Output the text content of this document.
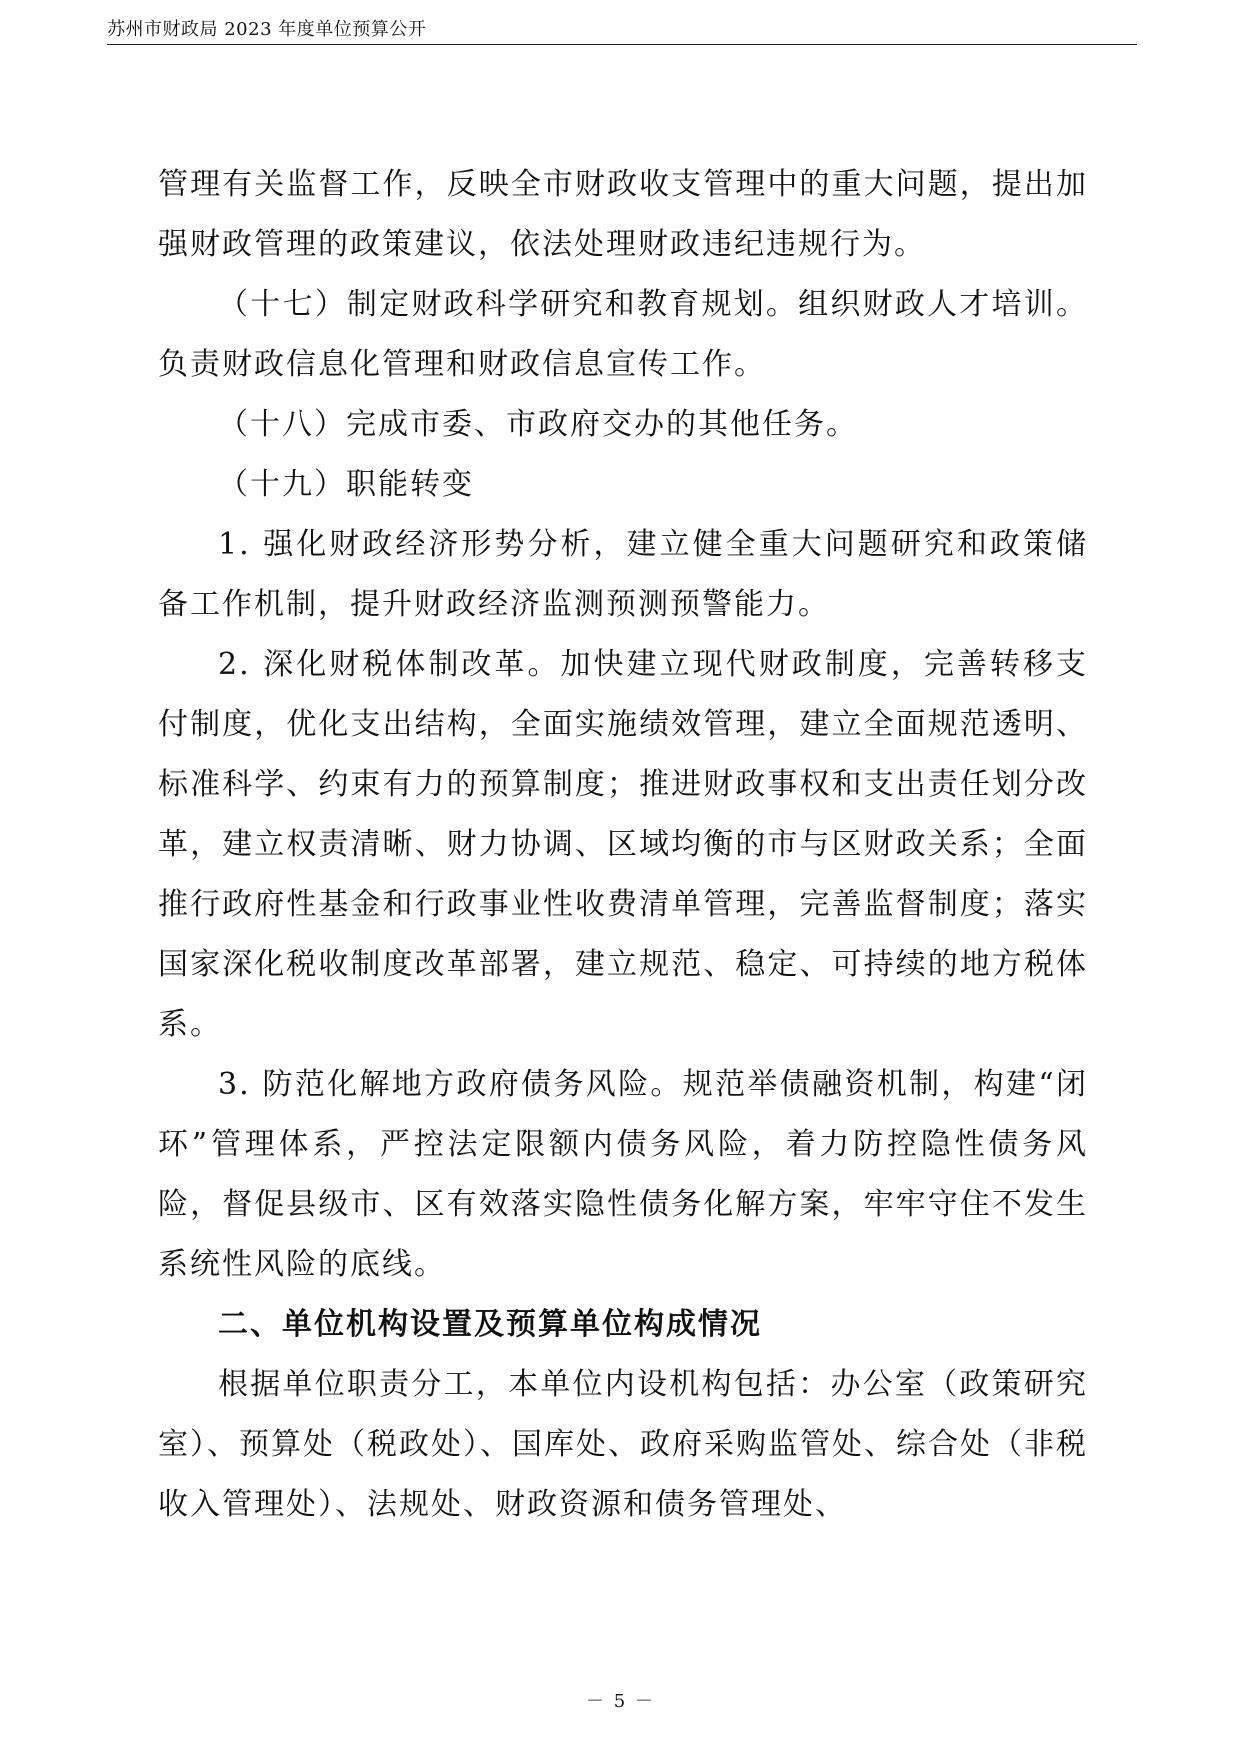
苏州市财政局 2023 年度单位预算公开

管理有关监督工作，反映全市财政收支管理中的重大问题，提出加强财政管理的政策建议，依法处理财政违纪违规行为。

（十七）制定财政科学研究和教育规划。组织财政人才培训。负责财政信息化管理和财政信息宣传工作。

（十八）完成市委、市政府交办的其他任务。

（十九）职能转变

1. 强化财政经济形势分析，建立健全重大问题研究和政策储备工作机制，提升财政经济监测预测预警能力。

2. 深化财税体制改革。加快建立现代财政制度，完善转移支付制度，优化支出结构，全面实施绩效管理，建立全面规范透明、标准科学、约束有力的预算制度；推进财政事权和支出责任划分改革，建立权责清晰、财力协调、区域均衡的市与区财政关系；全面推行政府性基金和行政事业性收费清单管理，完善监督制度；落实国家深化税收制度改革部署，建立规范、稳定、可持续的地方税体系。

3. 防范化解地方政府债务风险。规范举债融资机制，构建“闭环”管理体系，严控法定限额内债务风险，着力防控隐性债务风险，督促县级市、区有效落实隐性债务化解方案，牢牢守住不发生系统性风险的底线。

二、单位机构设置及预算单位构成情况

根据单位职责分工，本单位内设机构包括：办公室（政策研究室）、预算处（税政处）、国库处、政府采购监管处、综合处（非税收入管理处）、法规处、财政资源和债务管理处、

－ 5 －
